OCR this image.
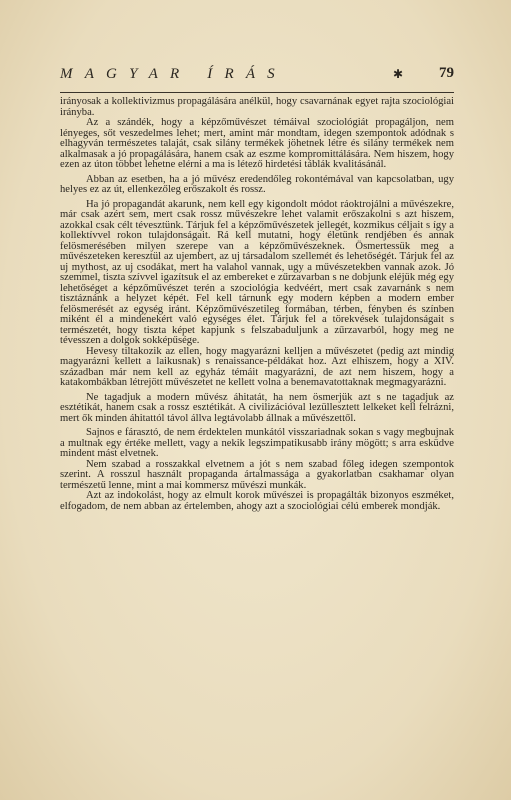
MAGYAR ÍRÁS	✱ 79

irányosak a kollektivizmus propagálására anélkül, hogy csavarnának egyet rajta szociológiai irányba.

Az a szándék, hogy a képzőművészet témáival szociológiát propagáljon, nem lényeges, sőt veszedelmes lehet; mert, amint már mondtam, idegen szempontok adódnak s elhagyván természetes talaját, csak silány termékek jöhetnek létre és silány termékek nem alkalmasak a jó propagálására, hanem csak az eszme kompromittálására. Nem hiszem, hogy ezen az úton többet lehetne elérni a ma is létező hirdetési táblák kvalitásánál.

Abban az esetben, ha a jó művész eredendőleg rokontémával van kapcsolatban, ugy helyes ez az út, ellenkezőleg erőszakolt és rossz.

Ha jó propagandát akarunk, nem kell egy kigondolt módot ráoktrojálni a művészekre, már csak azért sem, mert csak rossz művészekre lehet valamit erőszakolni s azt hiszem, azokkal csak célt tévesztünk. Tárjuk fel a képzőművészetek jellegét, kozmikus céljait s így a kollektívvel rokon tulajdonságait. Rá kell mutatni, hogy életünk rendjében és annak felösmerésében milyen szerepe van a képzőművészeknek. Ösmertessük meg a művészeteken keresztül az ujembert, az uj társadalom szellemét és lehetőségét. Tárjuk fel az uj mythost, az uj csodákat, mert ha valahol vannak, ugy a művészetekben vannak azok. Jó szemmel, tiszta szívvel igazítsuk el az embereket e zűrzavarban s ne dobjunk eléjük még egy lehetőséget a képzőművészet terén a szociológia kedvéért, mert csak zavarnánk s nem tisztáznánk a helyzet képét. Fel kell tárnunk egy modern képben a modern ember felösmerését az egység iránt. Képzőművészetileg formában, térben, fényben és színben miként él a mindenekért való egységes élet. Tárjuk fel a törekvések tulajdonságait s természetét, hogy tiszta képet kapjunk s felszabaduljunk a zűrzavarból, hogy meg ne tévesszen a dolgok sokképűsége.

Hevesy tiltakozik az ellen, hogy magyarázni kelljen a művészetet (pedig azt mindig magyarázni kellett a laikusnak) s renaissance-példákat hoz. Azt elhiszem, hogy a XIV. században már nem kell az egyház témáit magyarázni, de azt nem hiszem, hogy a katakombákban létrejött művészetet ne kellett volna a benemavatottaknak megmagyarázni.

Ne tagadjuk a modern művész áhitatát, ha nem ösmerjük azt s ne tagadjuk az esztétikát, hanem csak a rossz esztétikát. A civilizációval lezüllesztett lelkeket kell felrázni, mert ők minden áhitattól távol állva legtávolabb állnak a művészettől.

Sajnos e fárasztó, de nem érdektelen munkától visszariadnak sokan s vagy megbujnak a multnak egy értéke mellett, vagy a nekik legszimpatikusabb irány mögött; s arra esküdve mindent mást elvetnek.

Nem szabad a rosszakkal elvetnem a jót s nem szabad főleg idegen szempontok szerint. A rosszul használt propaganda ártalmassága a gyakorlatban csakhamar olyan természetű lenne, mint a mai kommersz művészi munkák.

Azt az indokolást, hogy az elmult korok művészei is propagálták bizonyos eszméket, elfogadom, de nem abban az értelemben, ahogy azt a szociológiai célú emberek mondják.
